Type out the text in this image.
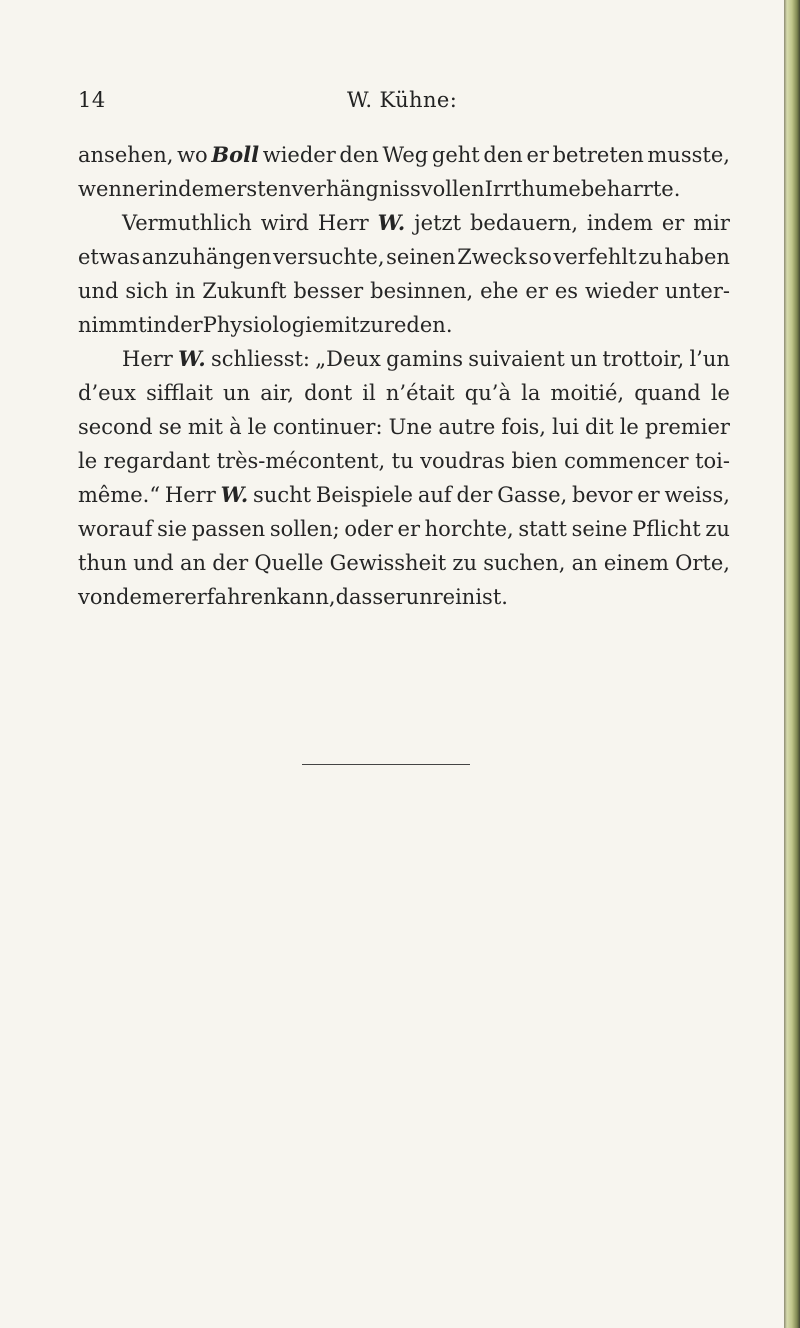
14	W. Kühne:
ansehen, wo Boll wieder den Weg geht den er betreten musste,
wenn er in dem ersten verhängnissvollen Irrthume beharrte.
Vermuthlich wird Herr W. jetzt bedauern, indem er mir
etwas anzuhängen versuchte, seinen Zweck so verfehlt zu haben
und sich in Zukunft besser besinnen, ehe er es wieder unter-
nimmt in der Physiologie mitzureden.
Herr W. schliesst: „Deux gamins suivaient un trottoir, l’un
d’eux sifflait un air, dont il n’était qu’à la moitié, quand le
second se mit à le continuer: Une autre fois, lui dit le premier
le regardant très-mécontent, tu voudras bien commencer toi-
même.“ Herr W. sucht Beispiele auf der Gasse, bevor er weiss,
worauf sie passen sollen; oder er horchte, statt seine Pflicht zu
thun und an der Quelle Gewissheit zu suchen, an einem Orte,
von dem er erfahren kann, dass er unrein ist.
